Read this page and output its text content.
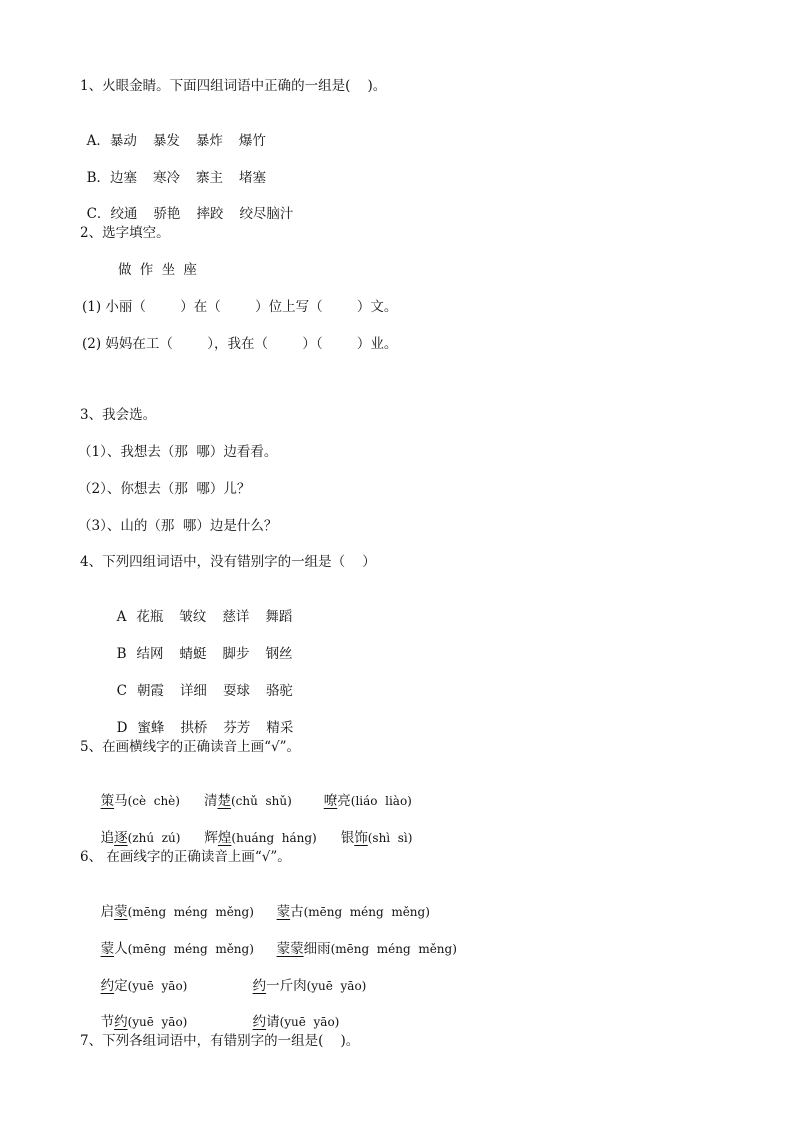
1、火眼金睛。下面四组词语中正确的一组是(    )。

A．暴动 暴发 暴炸 爆竹

B．边塞 寒冷 寨主 堵塞

C．绞通 骄艳 摔跤 绞尽脑汁

2、选字填空。
做 作 坐 座
(1) 小丽（        ）在（        ）位上写（        ）文。
(2) 妈妈在工（        ），我在（        ）（        ）业。
3、我会选。
（1）、我想去（那  哪）边看看。
（2）、你想去（那  哪）儿？
（3）、山的（那  哪）边是什么？
4、下列四组词语中，没有错别字的一组是（    ）

A 花瓶 皱纹 慈详 舞蹈

B 结网 蜻蜓 脚步 钢丝

C 朝霞 详细 耍球 骆驼

D 蜜蜂 拱桥 芬芳 精采

5、在画横线字的正确读音上画“√”。

策马(cè  chè) 清楚(chǔ  shǔ) 嘹亮(liáo  liào)

追逐(zhú  zú) 辉煌(huáng  háng) 银饰(shì  sì)

6、 在画线字的正确读音上画“√”。

启蒙(mēng  méng  měng) 蒙古(mēng  méng  měng)

蒙人(mēng  méng  měng) 蒙蒙细雨(mēng  méng  měng)

约定(yuē  yāo)	约一斤肉(yuē  yāo)

节约(yuē  yāo)	约请(yuē  yāo)

7、下列各组词语中，有错别字的一组是(    )。
